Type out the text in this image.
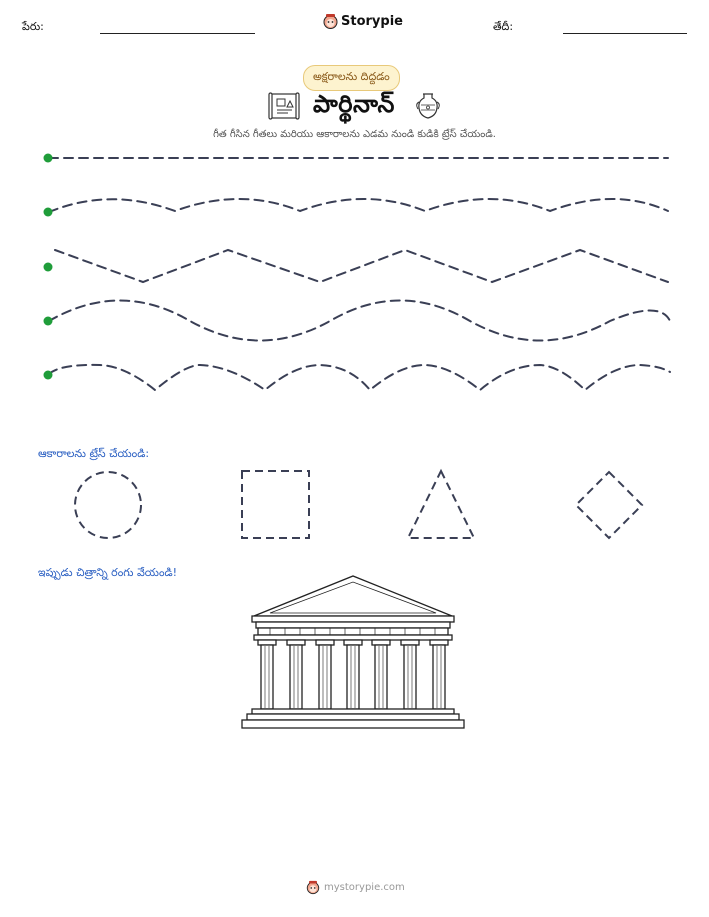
పేరు:	Storypie	తేదీ:
అక్షరాలను దిద్దడం
పార్థినాన్
గీత గీసిన గీతలు మరియు ఆకారాలను ఎడమ నుండి కుడికి ట్రేస్ చేయండి.
ఆకారాలను ట్రేస్ చేయండి:
ఇప్పుడు చిత్రాన్ని రంగు వేయండి!
mystorypie.com
